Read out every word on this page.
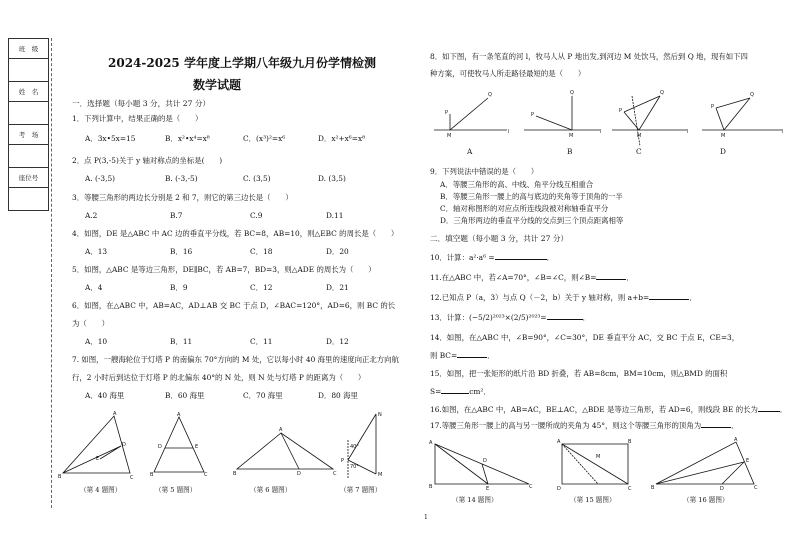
班　级

姓　名

考　场

座位号

2024-2025 学年度上学期八年级九月份学情检测
数学试题
一．选择题（每小题 3 分，共计 27 分）
1．下列计算中，结果正确的是（　　）
A．3x•5x=15	B．x²•x⁴=x⁸	C．(x³)²=x⁶	D．x²+x⁶=x⁸
2．点 P(3,-5)关于 y 轴对称点的坐标是(　　)
A. (-3,5)	B. (-3,-5)	C. (3,5)	D. (3,5)
3．等腰三角形的两边长分别是 2 和 7，则它的第三边长是（　　）
A.2	B.7	C.9	D.11
4．如图，DE 是△ABC 中 AC 边的垂直平分线，若 BC=8，AB=10，则△EBC 的周长是（　　）
A．13	B．16	C．18	D．20
5．如图，△ABC 是等边三角形，DE∥BC，若 AB=7，BD=3，则△ADE 的周长为（　　）
A．4	B．9	C．12	D．21
6．如图，在△ABC 中，AB=AC，AD⊥AB 交 BC 于点 D，∠BAC=120°，AD=6，则 BC 的长
为（　　）
A．10	B．11	C．11	D．12
7. 如图，一艘海轮位于灯塔 P 的南偏东 70°方向的 M 处，它以每小时 40 海里的速度向正北方向航
行，2 小时后到达位于灯塔 P 的北偏东 40°的 N 处，则 N 处与灯塔 P 的距离为（　　）
A．40 海里	B．60 海里	C．70 海里	D．80 海里
B	C
A
D
E
A
B	C
D	E
B	C
A
D
N
M
P
40°
70°
（第 4 题图）	（第 5 题图）	（第 6 题图）	（第 7 题图）
8．如下图，有一条笔直的河 l，牧马人从 P 地出发,到河边 M 处饮马，然后到 Q 地，现有如下四
种方案，可使牧马人所走路径最短的是（　　）
P
Q
M
l
P
Q
M
l
P
Q
M
l
P
Q
M
l
A	B	C	D
9．下列说法中错误的是（　　）
A．等腰三角形的高、中线、角平分线互相重合
B．等腰三角形一腰上的高与底边的夹角等于顶角的一半
C．轴对称图形的对应点所连线段被对称轴垂直平分
D．三角形两边的垂直平分线的交点到三个顶点距离相等
二．填空题（每小题 3 分，共计 27 分）
10．计算：a²·a⁶ =	．
11.在△ABC 中，若∠A=70°，∠B=∠C，则∠B=	．
12.已知点 P（a，3）与点 Q（－2，b）关于 y 轴对称，则 a+b=	．
13．计算：(−5/2)²⁰²³×(2/5)²⁰²³=	．
14．如图，在△ABC 中，∠B=90°，∠C=30°，DE 垂直平分 AC，交 BC 于点 E，CE=3，
则 BC=	．
15．如图，把一张矩形的纸片沿 BD 折叠，若 AB=8cm，BM=10cm，则△BMD 的面积
S=	cm²．
16.如图，在△ABC 中，AB=AC，BE⊥AC，△BDE 是等边三角形，若 AD=6，则线段 BE 的长为	．
17.等腰三角形一腰上的高与另一腰所成的夹角为 45°，则这个等腰三角形的顶角为	．
A
B	C
D
E
A	B
C
D
M
B	C
A
E
D
（第 14 题图）	（第 15 题图）	（第 16 题图）
1
